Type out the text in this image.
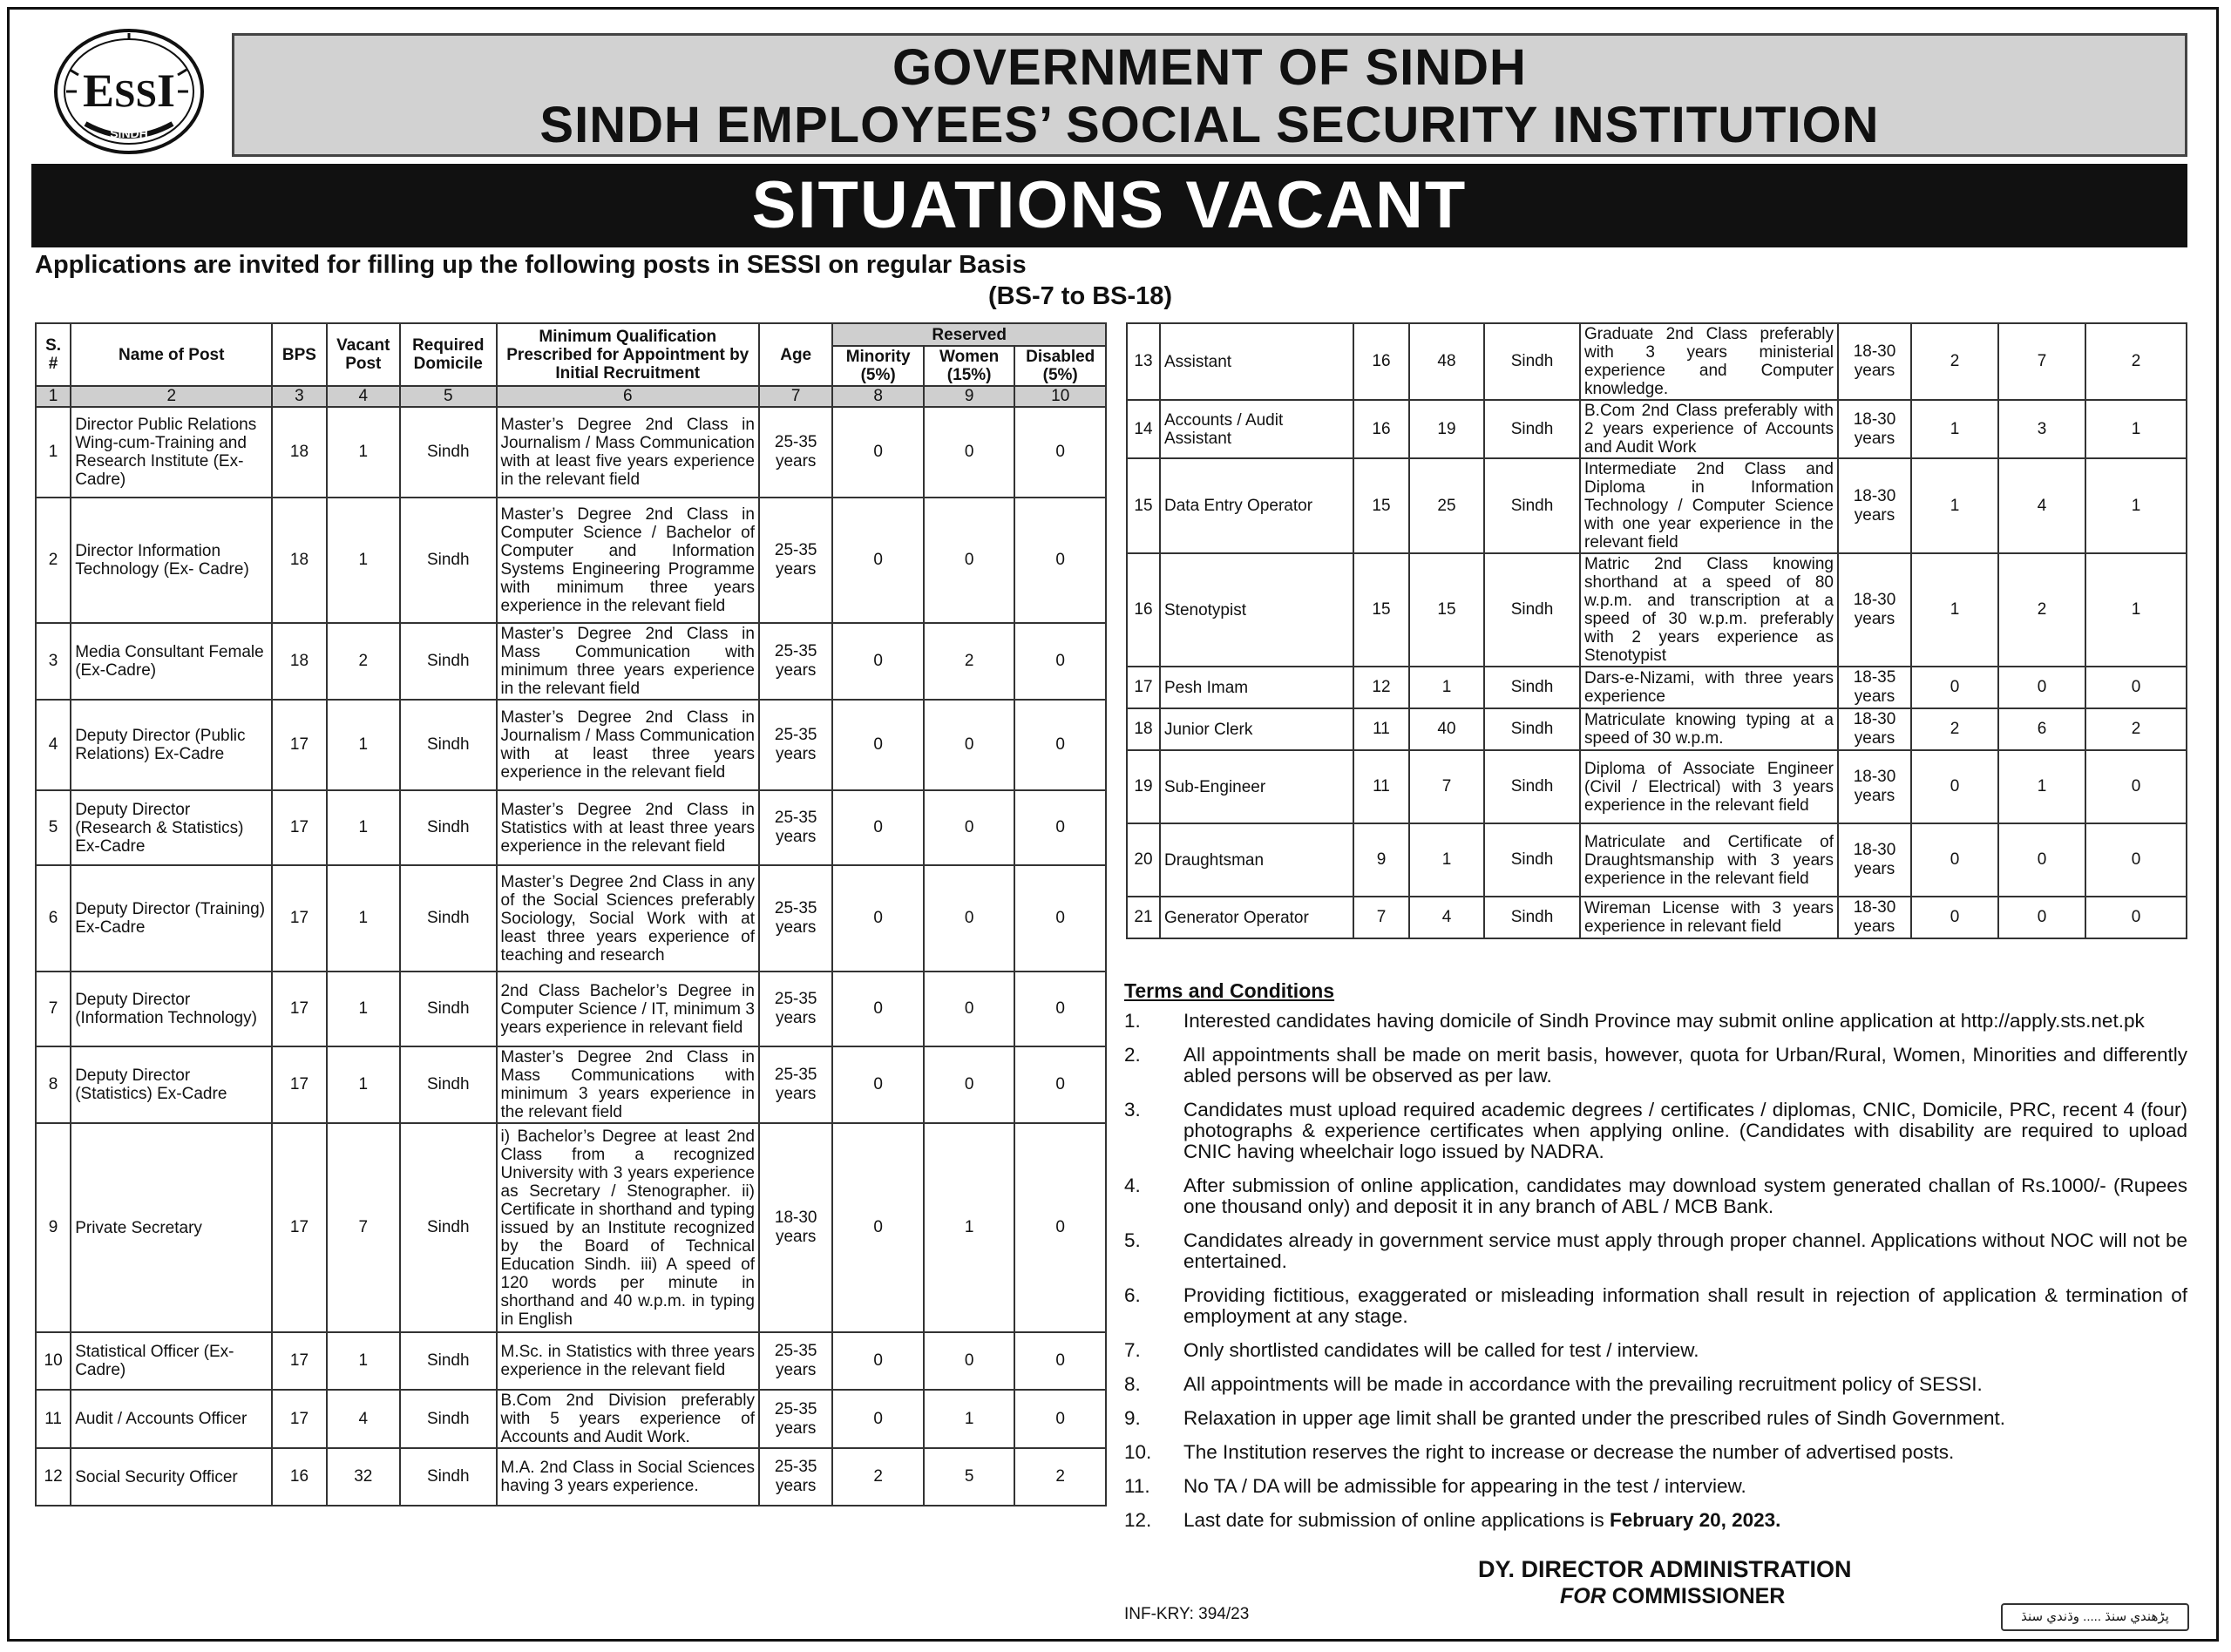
ESSI
SINDH
GOVERNMENT OF SINDH
SINDH EMPLOYEES’ SOCIAL SECURITY INSTITUTION
SITUATIONS VACANT
Applications are invited for filling up the following posts in SESSI on regular Basis
(BS-7 to BS-18)
S. #	Name of Post	BPS	Vacant Post	Required Domicile	Minimum Qualification Prescribed for Appointment by Initial Recruitment	Age	Reserved		
							Minority (5%)	Women (15%)	Disabled (5%)
1	2	3	4	5	6	7	8	9	10
1	Director Public Relations Wing-cum-Training and Research Institute (Ex-Cadre)	18	1	Sindh	Master’s Degree 2nd Class in Journalism / Mass Communication with at least five years experience in the relevant field	25-35 years	0	0	0
2	Director Information Technology (Ex- Cadre)	18	1	Sindh	Master’s Degree 2nd Class in Computer Science / Bachelor of Computer and Information Systems Engineering Programme with minimum three years experience in the relevant field	25-35 years	0	0	0
3	Media Consultant Female (Ex-Cadre)	18	2	Sindh	Master’s Degree 2nd Class in Mass Communication with minimum three years experience in the relevant field	25-35 years	0	2	0
4	Deputy Director (Public Relations) Ex-Cadre	17	1	Sindh	Master’s Degree 2nd Class in Journalism / Mass Communication with at least three years experience in the relevant field	25-35 years	0	0	0
5	Deputy Director (Research & Statistics) Ex-Cadre	17	1	Sindh	Master’s Degree 2nd Class in Statistics with at least three years experience in the relevant field	25-35 years	0	0	0
6	Deputy Director (Training) Ex-Cadre	17	1	Sindh	Master’s Degree 2nd Class in any of the Social Sciences preferably Sociology, Social Work with at least three years experience of teaching and research	25-35 years	0	0	0
7	Deputy Director (Information Technology)	17	1	Sindh	2nd Class Bachelor’s Degree in Computer Science / IT, minimum 3 years experience in relevant field	25-35 years	0	0	0
8	Deputy Director (Statistics) Ex-Cadre	17	1	Sindh	Master’s Degree 2nd Class in Mass Communications with minimum 3 years experience in the relevant field	25-35 years	0	0	0
9	Private Secretary	17	7	Sindh	i) Bachelor’s Degree at least 2nd Class from a recognized University with 3 years experience as Secretary / Stenographer. ii) Certificate in shorthand and typing issued by an Institute recognized by the Board of Technical Education Sindh. iii) A speed of 120 words per minute in shorthand and 40 w.p.m. in typing in English	18-30 years	0	1	0
10	Statistical Officer (Ex-Cadre)	17	1	Sindh	M.Sc. in Statistics with three years experience in the relevant field	25-35 years	0	0	0
11	Audit / Accounts Officer	17	4	Sindh	B.Com 2nd Division preferably with 5 years experience of Accounts and Audit Work.	25-35 years	0	1	0
12	Social Security Officer	16	32	Sindh	M.A. 2nd Class in Social Sciences having 3 years experience.	25-35 years	2	5	2
13	Assistant	16	48	Sindh	Graduate 2nd Class preferably with 3 years ministerial experience and Computer knowledge.	18-30 years	2	7	2
14	Accounts / Audit Assistant	16	19	Sindh	B.Com 2nd Class preferably with 2 years experience of Accounts and Audit Work	18-30 years	1	3	1
15	Data Entry Operator	15	25	Sindh	Intermediate 2nd Class and Diploma in Information Technology / Computer Science with one year experience in the relevant field	18-30 years	1	4	1
16	Stenotypist	15	15	Sindh	Matric 2nd Class knowing shorthand at a speed of 80 w.p.m. and transcription at a speed of 30 w.p.m. preferably with 2 years experience as Stenotypist	18-30 years	1	2	1
17	Pesh Imam	12	1	Sindh	Dars-e-Nizami, with three years experience	18-35 years	0	0	0
18	Junior Clerk	11	40	Sindh	Matriculate knowing typing at a speed of 30 w.p.m.	18-30 years	2	6	2
19	Sub-Engineer	11	7	Sindh	Diploma of Associate Engineer (Civil / Electrical) with 3 years experience in the relevant field	18-30 years	0	1	0
20	Draughtsman	9	1	Sindh	Matriculate and Certificate of Draughtsmanship with 3 years experience in the relevant field	18-30 years	0	0	0
21	Generator Operator	7	4	Sindh	Wireman License with 3 years experience in relevant field	18-30 years	0	0	0
Terms and Conditions
1.	Interested candidates having domicile of Sindh Province may submit online application at http://apply.sts.net.pk
2.	All appointments shall be made on merit basis, however, quota for Urban/Rural, Women, Minorities and differently abled persons will be observed as per law.
3.	Candidates must upload required academic degrees / certificates / diplomas, CNIC, Domicile, PRC, recent 4 (four) photographs & experience certificates when applying online. (Candidates with disability are required to upload CNIC having wheelchair logo issued by NADRA.
4.	After submission of online application, candidates may download system generated challan of Rs.1000/- (Rupees one thousand only) and deposit it in any branch of ABL / MCB Bank.
5.	Candidates already in government service must apply through proper channel. Applications without NOC will not be entertained.
6.	Providing fictitious, exaggerated or misleading information shall result in rejection of application & termination of employment at any stage.
7.	Only shortlisted candidates will be called for test / interview.
8.	All appointments will be made in accordance with the prevailing recruitment policy of SESSI.
9.	Relaxation in upper age limit shall be granted under the prescribed rules of Sindh Government.
10.	The Institution reserves the right to increase or decrease the number of advertised posts.
11.	No TA / DA will be admissible for appearing in the test / interview.
12.	Last date for submission of online applications is February 20, 2023.
DY. DIRECTOR ADMINISTRATION
FOR COMMISSIONER
INF-KRY: 394/23	پڑھندي سنڌ ..... وڌندي سنڌ
